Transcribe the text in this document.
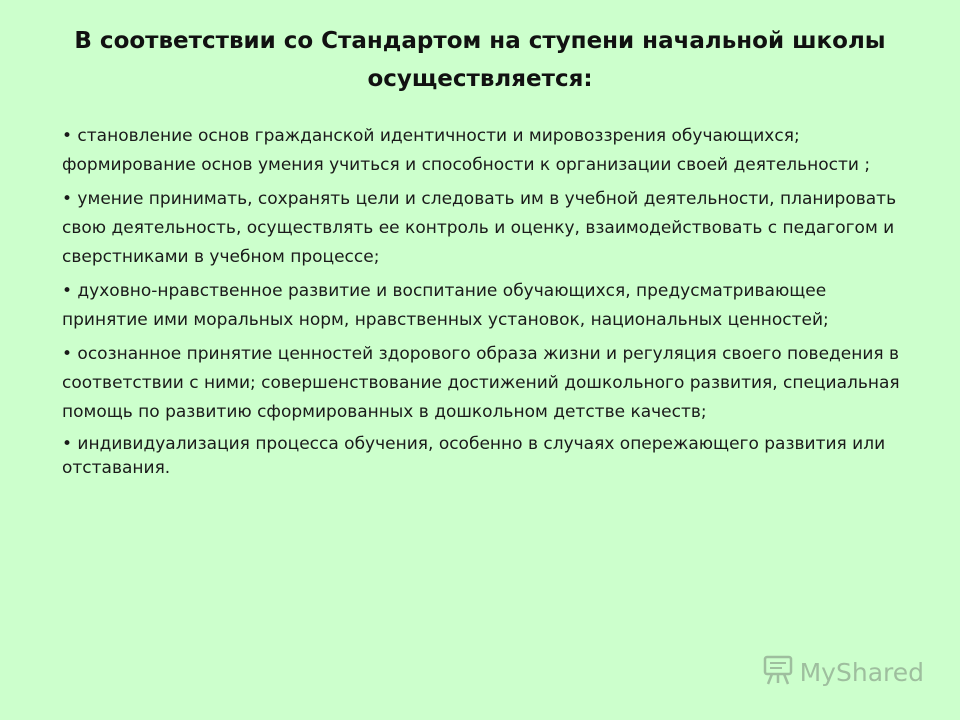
В соответствии со Стандартом на ступени начальной школы осуществляется:

• становление основ гражданской идентичности и мировоззрения обучающихся; формирование основ умения учиться и способности к организации своей деятельности ;

• умение принимать, сохранять цели и следовать им в учебной деятельности, планировать свою деятельность, осуществлять ее контроль и оценку, взаимодействовать с педагогом и сверстниками в учебном процессе;

• духовно-нравственное развитие и воспитание обучающихся, предусматривающее принятие ими моральных норм, нравственных установок, национальных ценностей;

• осознанное принятие ценностей здорового образа жизни и регуляция своего поведения в соответствии с ними; совершенствование достижений дошкольного развития, специальная помощь по развитию сформированных в дошкольном детстве качеств;

• индивидуализация процесса обучения, особенно в случаях опережающего развития или отставания.

MyShared
